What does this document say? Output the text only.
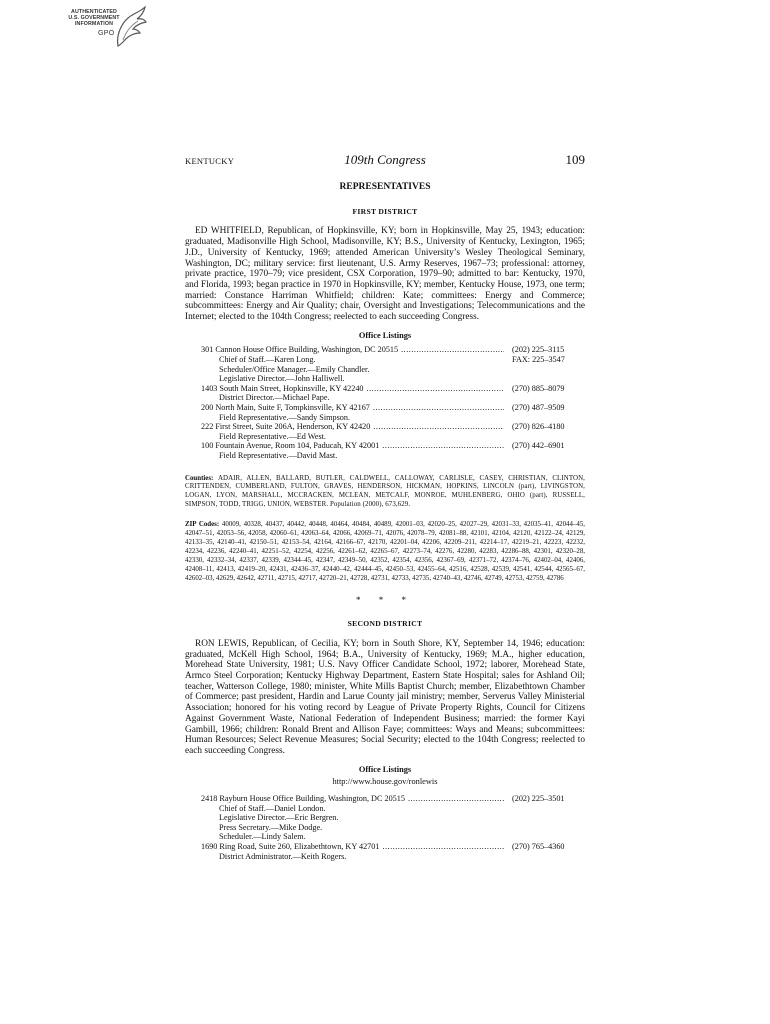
AUTHENTICATED
U.S. GOVERNMENT
INFORMATION
GPO
KENTUCKY	109th Congress	109
REPRESENTATIVES
FIRST DISTRICT

ED WHITFIELD, Republican, of Hopkinsville, KY; born in Hopkinsville, May 25, 1943; education: graduated, Madisonville High School, Madisonville, KY; B.S., University of Kentucky, Lexington, 1965; J.D., University of Kentucky, 1969; attended American University’s Wesley Theological Seminary, Washington, DC; military service: first lieutenant, U.S. Army Reserves, 1967–73; professional: attorney, private practice, 1970–79; vice president, CSX Corporation, 1979–90; admitted to bar: Kentucky, 1970, and Florida, 1993; began practice in 1970 in Hopkinsville, KY; member, Kentucky House, 1973, one term; married: Constance Harriman Whitfield; children: Kate; committees: Energy and Commerce; subcommittees: Energy and Air Quality; chair, Oversight and Investigations; Telecommunications and the Internet; elected to the 104th Congress; reelected to each succeeding Congress.

Office Listings
301 Cannon House Office Building, Washington, DC 20515 .....	(202) 225–3115
FAX: 225–3547
Chief of Staff.—Karen Long.
Scheduler/Office Manager.—Emily Chandler.
Legislative Director.—John Halliwell.
1403 South Main Street, Hopkinsville, KY 42240 .....	(270) 885–8079
District Director.—Michael Pape.
200 North Main, Suite F, Tompkinsville, KY 42167 .....	(270) 487–9509
Field Representative.—Sandy Simpson.
222 First Street, Suite 206A, Henderson, KY 42420 .....	(270) 826–4180
Field Representative.—Ed West.
100 Fountain Avenue, Room 104, Paducah, KY 42001 .....	(270) 442–6901
Field Representative.—David Mast.
Counties: ADAIR, ALLEN, BALLARD, BUTLER, CALDWELL, CALLOWAY, CARLISLE, CASEY, CHRISTIAN, CLINTON, CRITTENDEN, CUMBERLAND, FULTON, GRAVES, HENDERSON, HICKMAN, HOPKINS, LINCOLN (part), LIVINGSTON, LOGAN, LYON, MARSHALL, MCCRACKEN, MCLEAN, METCALF, MONROE, MUHLENBERG, OHIO (part), RUSSELL, SIMPSON, TODD, TRIGG, UNION, WEBSTER. Population (2000), 673,629.
ZIP Codes: 40009, 40328, 40437, 40442, 40448, 40464, 40484, 40489, 42001–03, 42020–25, 42027–29, 42031–33, 42035–41, 42044–45, 42047–51, 42053–56, 42058, 42060–61, 42063–64, 42066, 42069–71, 42076, 42078–79, 42081–88, 42101, 42104, 42120, 42122–24, 42129, 42133–35, 42140–41, 42150–51, 42153–54, 42164, 42166–67, 42170, 42201–04, 42206, 42209–211, 42214–17, 42219–21, 42223, 42232, 42234, 42236, 42240–41, 42251–52, 42254, 42256, 42261–62, 42265–67, 42273–74, 42276, 42280, 42283, 42286–88, 42301, 42320–28, 42330, 42332–34, 42337, 42339, 42344–45, 42347, 42349–50, 42352, 42354, 42356, 42367–69, 42371–72, 42374–76, 42402–04, 42406, 42408–11, 42413, 42419–20, 42431, 42436–37, 42440–42, 42444–45, 42450–53, 42455–64, 42516, 42528, 42539, 42541, 42544, 42565–67, 42602–03, 42629, 42642, 42711, 42715, 42717, 42720–21, 42728, 42731, 42733, 42735, 42740–43, 42746, 42749, 42753, 42759, 42786
* * *
SECOND DISTRICT

RON LEWIS, Republican, of Cecilia, KY; born in South Shore, KY, September 14, 1946; education: graduated, McKell High School, 1964; B.A., University of Kentucky, 1969; M.A., higher education, Morehead State University, 1981; U.S. Navy Officer Candidate School, 1972; laborer, Morehead State, Armco Steel Corporation; Kentucky Highway Department, Eastern State Hospital; sales for Ashland Oil; teacher, Watterson College, 1980; minister, White Mills Baptist Church; member, Elizabethtown Chamber of Commerce; past president, Hardin and Larue County jail ministry; member, Serverus Valley Ministerial Association; honored for his voting record by League of Private Property Rights, Council for Citizens Against Government Waste, National Federation of Independent Business; married: the former Kayi Gambill, 1966; children: Ronald Brent and Allison Faye; committees: Ways and Means; subcommittees: Human Resources; Select Revenue Measures; Social Security; elected to the 104th Congress; reelected to each succeeding Congress.

Office Listings
http://www.house.gov/ronlewis
2418 Rayburn House Office Building, Washington, DC 20515 .....	(202) 225–3501
Chief of Staff.—Daniel London.
Legislative Director.—Eric Bergren.
Press Secretary.—Mike Dodge.
Scheduler.—Lindy Salem.
1690 Ring Road, Suite 260, Elizabethtown, KY 42701 .....	(270) 765–4360
District Administrator.—Keith Rogers.
